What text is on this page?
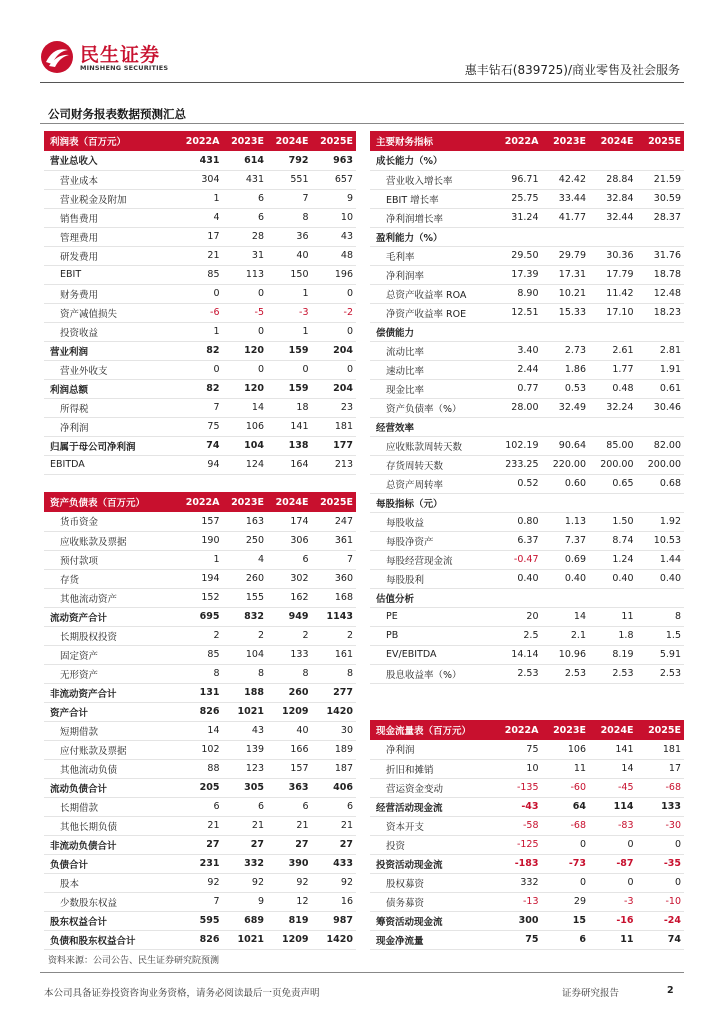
民生证券
MINSHENG SECURITIES	惠丰钻石(839725)/商业零售及社会服务
公司财务报表数据预测汇总
利润表（百万元）	2022A	2023E	2024E	2025E
营业总收入	431	614	792	963
营业成本	304	431	551	657
营业税金及附加	1	6	7	9
销售费用	4	6	8	10
管理费用	17	28	36	43
研发费用	21	31	40	48
EBIT	85	113	150	196
财务费用	0	0	1	0
资产减值损失	-6	-5	-3	-2
投资收益	1	0	1	0
营业利润	82	120	159	204
营业外收支	0	0	0	0
利润总额	82	120	159	204
所得税	7	14	18	23
净利润	75	106	141	181
归属于母公司净利润	74	104	138	177
EBITDA	94	124	164	213
资产负债表（百万元）	2022A	2023E	2024E	2025E
货币资金	157	163	174	247
应收账款及票据	190	250	306	361
预付款项	1	4	6	7
存货	194	260	302	360
其他流动资产	152	155	162	168
流动资产合计	695	832	949	1143
长期股权投资	2	2	2	2
固定资产	85	104	133	161
无形资产	8	8	8	8
非流动资产合计	131	188	260	277
资产合计	826	1021	1209	1420
短期借款	14	43	40	30
应付账款及票据	102	139	166	189
其他流动负债	88	123	157	187
流动负债合计	205	305	363	406
长期借款	6	6	6	6
其他长期负债	21	21	21	21
非流动负债合计	27	27	27	27
负债合计	231	332	390	433
股本	92	92	92	92
少数股东权益	7	9	12	16
股东权益合计	595	689	819	987
负债和股东权益合计	826	1021	1209	1420
主要财务指标	2022A	2023E	2024E	2025E
成长能力（%）				
营业收入增长率	96.71	42.42	28.84	21.59
EBIT 增长率	25.75	33.44	32.84	30.59
净利润增长率	31.24	41.77	32.44	28.37
盈利能力（%）				
毛利率	29.50	29.79	30.36	31.76
净利润率	17.39	17.31	17.79	18.78
总资产收益率 ROA	8.90	10.21	11.42	12.48
净资产收益率 ROE	12.51	15.33	17.10	18.23
偿债能力				
流动比率	3.40	2.73	2.61	2.81
速动比率	2.44	1.86	1.77	1.91
现金比率	0.77	0.53	0.48	0.61
资产负债率（%）	28.00	32.49	32.24	30.46
经营效率				
应收账款周转天数	102.19	90.64	85.00	82.00
存货周转天数	233.25	220.00	200.00	200.00
总资产周转率	0.52	0.60	0.65	0.68
每股指标（元）				
每股收益	0.80	1.13	1.50	1.92
每股净资产	6.37	7.37	8.74	10.53
每股经营现金流	-0.47	0.69	1.24	1.44
每股股利	0.40	0.40	0.40	0.40
估值分析				
PE	20	14	11	8
PB	2.5	2.1	1.8	1.5
EV/EBITDA	14.14	10.96	8.19	5.91
股息收益率（%）	2.53	2.53	2.53	2.53
现金流量表（百万元）	2022A	2023E	2024E	2025E
净利润	75	106	141	181
折旧和摊销	10	11	14	17
营运资金变动	-135	-60	-45	-68
经营活动现金流	-43	64	114	133
资本开支	-58	-68	-83	-30
投资	-125	0	0	0
投资活动现金流	-183	-73	-87	-35
股权募资	332	0	0	0
债务募资	-13	29	-3	-10
筹资活动现金流	300	15	-16	-24
现金净流量	75	6	11	74
资料来源：公司公告、民生证券研究院预测
本公司具备证券投资咨询业务资格，请务必阅读最后一页免责声明	证券研究报告	2
